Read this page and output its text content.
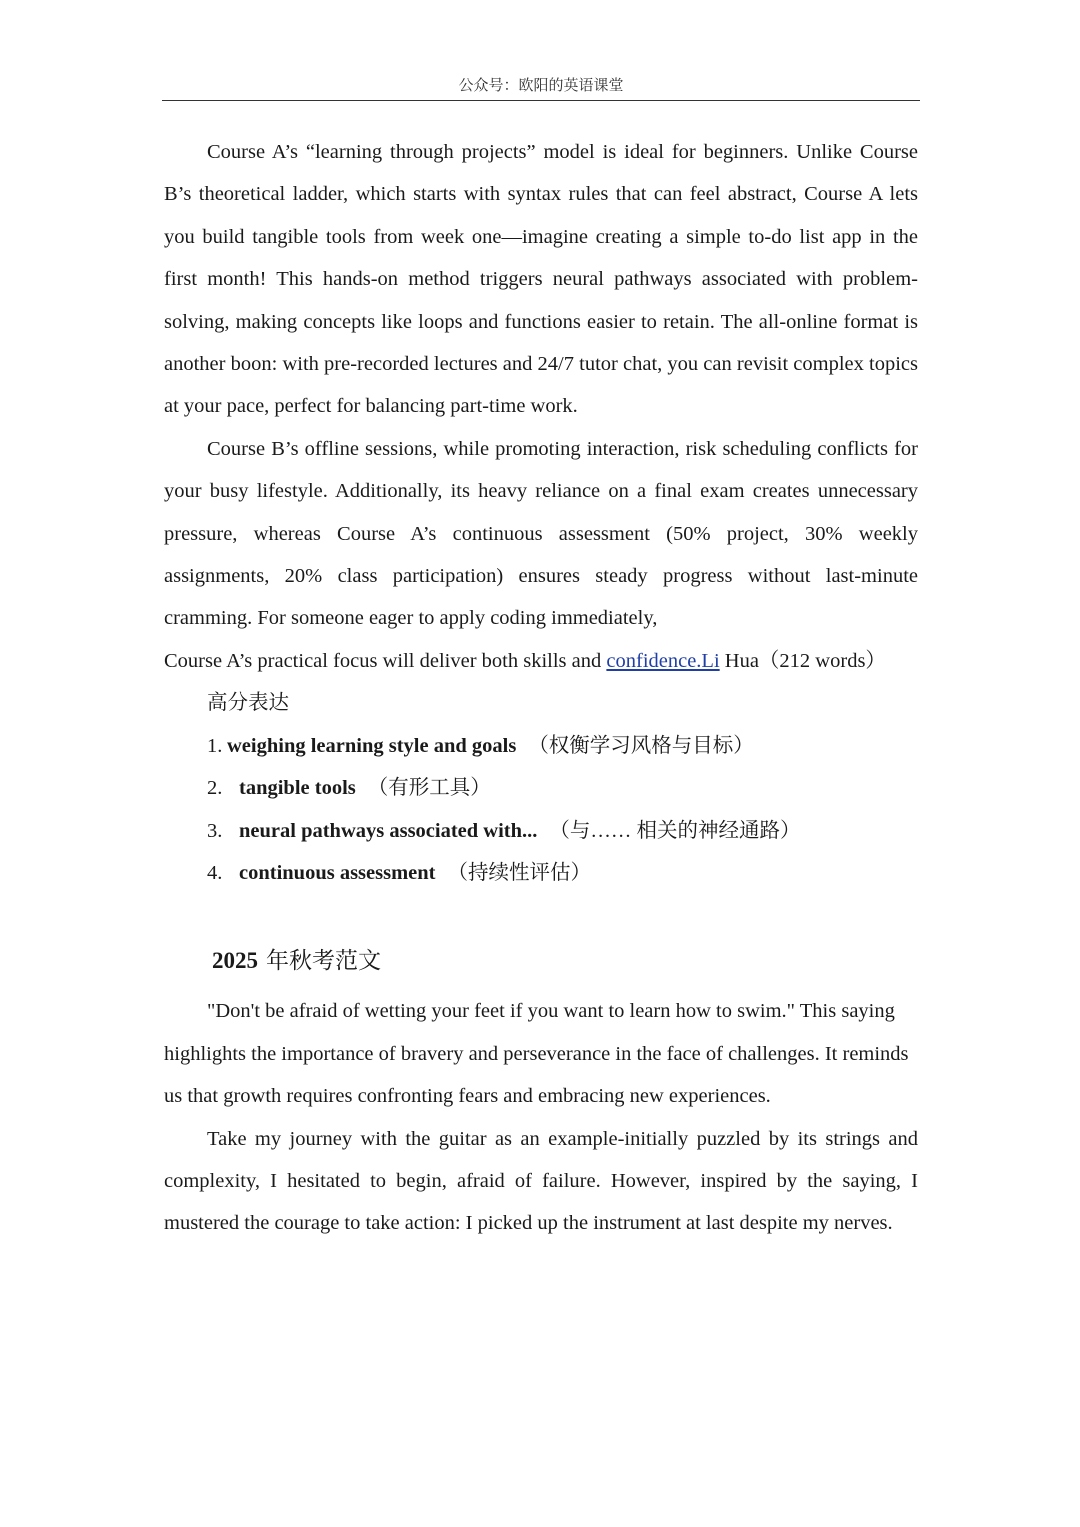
公众号：欧阳的英语课堂

Course A’s “learning through projects” model is ideal for beginners. Unlike Course B’s theoretical ladder, which starts with syntax rules that can feel abstract, Course A lets you build tangible tools from week one—imagine creating a simple to-do list app in the first month! This hands-on method triggers neural pathways associated with problem-solving, making concepts like loops and functions easier to retain. The all-online format is another boon: with pre-recorded lectures and 24/7 tutor chat, you can revisit complex topics at your pace, perfect for balancing part-time work.

Course B’s offline sessions, while promoting interaction, risk scheduling conflicts for your busy lifestyle. Additionally, its heavy reliance on a final exam creates unnecessary pressure, whereas Course A’s continuous assessment (50% project, 30% weekly assignments, 20% class participation) ensures steady progress without last-minute cramming. For someone eager to apply coding immediately,
Course A’s practical focus will deliver both skills and confidence.Li Hua（212 words）

高分表达

1. weighing learning style and goals （权衡学习风格与目标）
2. tangible tools （有形工具）
3. neural pathways associated with... （与…… 相关的神经通路）
4. continuous assessment （持续性评估）

2025 年秋考范文

"Don't be afraid of wetting your feet if you want to learn how to swim." This saying highlights the importance of bravery and perseverance in the face of challenges. It reminds us that growth requires confronting fears and embracing new experiences.

Take my journey with the guitar as an example-initially puzzled by its strings and complexity, I hesitated to begin, afraid of failure. However, inspired by the saying, I mustered the courage to take action: I picked up the instrument at last despite my nerves.
